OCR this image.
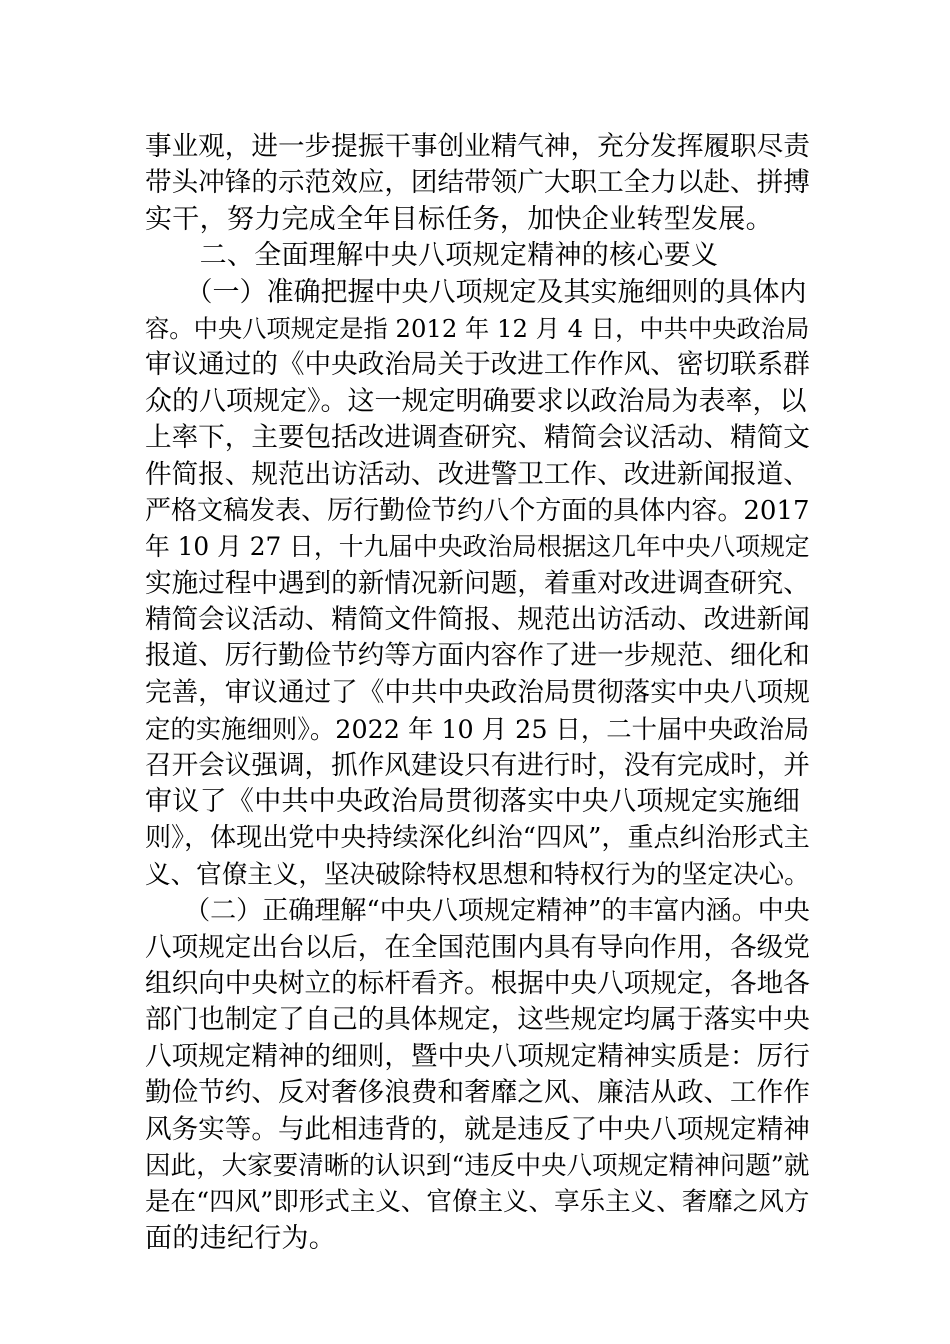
事业观，进一步提振干事创业精气神，充分发挥履职尽责
带头冲锋的示范效应，团结带领广大职工全力以赴、拼搏
实干，努力完成全年目标任务，加快企业转型发展。
　　二、全面理解中央八项规定精神的核心要义
　　（一）准确把握中央八项规定及其实施细则的具体内
容。中央八项规定是指 2012 年 12 月 4 日，中共中央政治局
审议通过的《中央政治局关于改进工作作风、密切联系群
众的八项规定》。这一规定明确要求以政治局为表率，以
上率下，主要包括改进调查研究、精简会议活动、精简文
件简报、规范出访活动、改进警卫工作、改进新闻报道、
严格文稿发表、厉行勤俭节约八个方面的具体内容。2017
年 10 月 27 日，十九届中央政治局根据这几年中央八项规定
实施过程中遇到的新情况新问题，着重对改进调查研究、
精简会议活动、精简文件简报、规范出访活动、改进新闻
报道、厉行勤俭节约等方面内容作了进一步规范、细化和
完善，审议通过了《中共中央政治局贯彻落实中央八项规
定的实施细则》。2022 年 10 月 25 日，二十届中央政治局
召开会议强调，抓作风建设只有进行时，没有完成时，并
审议了《中共中央政治局贯彻落实中央八项规定实施细
则》，体现出党中央持续深化纠治“四风”，重点纠治形式主
义、官僚主义，坚决破除特权思想和特权行为的坚定决心。
　　（二）正确理解“中央八项规定精神”的丰富内涵。中央
八项规定出台以后，在全国范围内具有导向作用，各级党
组织向中央树立的标杆看齐。根据中央八项规定，各地各
部门也制定了自己的具体规定，这些规定均属于落实中央
八项规定精神的细则，暨中央八项规定精神实质是：厉行
勤俭节约、反对奢侈浪费和奢靡之风、廉洁从政、工作作
风务实等。与此相违背的，就是违反了中央八项规定精神
因此，大家要清晰的认识到“违反中央八项规定精神问题”就
是在“四风”即形式主义、官僚主义、享乐主义、奢靡之风方
面的违纪行为。
